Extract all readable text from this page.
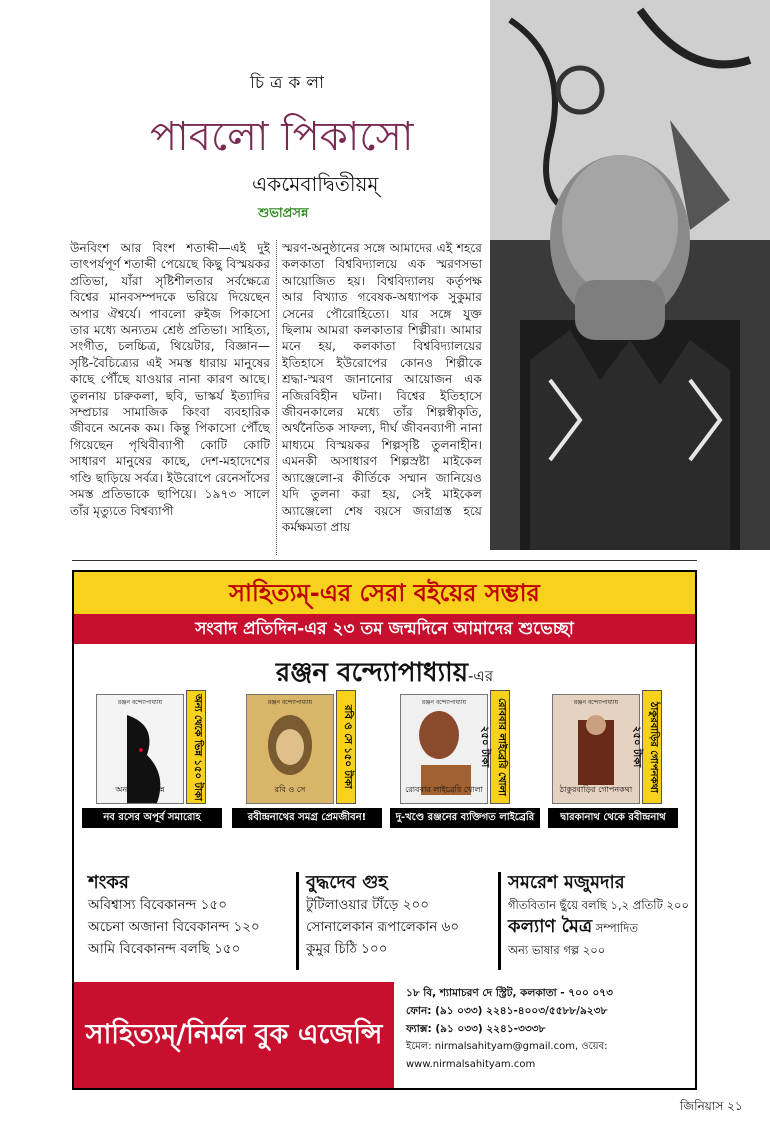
চিত্রকলা
পাবলো পিকাসো
একমেবাদ্বিতীয়ম্
শুভাপ্রসন্ন
উনবিংশ আর বিংশ শতাব্দী—এই দুই তাৎপর্যপূর্ণ শতাব্দী পেয়েছে কিছু বিস্ময়কর প্রতিভা, যাঁরা সৃষ্টিশীলতার সর্বক্ষেত্রে বিশ্বের মানবসম্পদকে ভরিয়ে দিয়েছেন অপার ঐশ্বর্যে। পাবলো রুইজ পিকাসো তার মধ্যে অন্যতম শ্রেষ্ঠ প্রতিভা। সাহিত্য, সংগীত, চলচ্চিত্র, থিয়েটার, বিজ্ঞান—সৃষ্টি-বৈচিত্র্যের এই সমস্ত ধারায় মানুষের কাছে পৌঁছে যাওয়ার নানা কারণ আছে। তুলনায় চারুকলা, ছবি, ভাস্কর্য ইত্যাদির সম্প্রচার সামাজিক কিংবা ব্যবহারিক জীবনে অনেক কম। কিন্তু পিকাসো পৌঁছে গিয়েছেন পৃথিবীব্যাপী কোটি কোটি সাধারণ মানুষের কাছে, দেশ-মহাদেশের গণ্ডি ছাড়িয়ে সর্বত্র। ইউরোপে রেনেসাঁসের সমস্ত প্রতিভাকে ছাপিয়ে। ১৯৭৩ সালে তাঁর মৃত্যুতে বিশ্বব্যাপী
স্মরণ-অনুষ্ঠানের সঙ্গে আমাদের এই শহরে কলকাতা বিশ্ববিদ্যালয়ে এক স্মরণসভা আয়োজিত হয়। বিশ্ববিদ্যালয় কর্তৃপক্ষ আর বিখ্যাত গবেষক-অধ্যাপক সুকুমার সেনের পৌরোহিত্যে। যার সঙ্গে যুক্ত ছিলাম আমরা কলকাতার শিল্পীরা। আমার মনে হয়, কলকাতা বিশ্ববিদ্যালয়ের ইতিহাসে ইউরোপের কোনও শিল্পীকে শ্রদ্ধা-স্মরণ জানানোর আয়োজন এক নজিরবিহীন ঘটনা। বিশ্বের ইতিহাসে জীবনকালের মধ্যে তাঁর শিল্পস্বীকৃতি, অর্থনৈতিক সাফল্য, দীর্ঘ জীবনব্যাপী নানা মাধ্যমে বিস্ময়কর শিল্পসৃষ্টি তুলনাহীন। এমনকী অসাধারণ শিল্পস্রষ্টা মাইকেল অ্যাঞ্জেলো-র কীর্তিকে সম্মান জানিয়েও যদি তুলনা করা হয়, সেই মাইকেল অ্যাঞ্জেলো শেষ বয়সে জরাগ্রস্ত হয়ে কর্মক্ষমতা প্রায়
সাহিত্যম্-এর সেরা বইয়ের সম্ভার
সংবাদ প্রতিদিন-এর ২৩ তম জন্মদিনে আমাদের শুভেচ্ছা
রঞ্জন বন্দ্যোপাধ্যায়-এর
রঞ্জন বন্দ্যোপাধ্যায়
অন্য থেকে ভিন্ন	অন্য থেকে ভিন্ন ১৫০ টাকা
নব রসের অপূর্ব সমারোহ
রঞ্জন বন্দ্যোপাধ্যায়
রবি ও সে
রবি ও সে ১৫০ টাকা
রবীন্দ্রনাথের সমগ্র প্রেমজীবন!
রঞ্জন বন্দ্যোপাধ্যায়
রোববার লাইব্রেরি খোলা	রোববার লাইব্রেরি খোলা ২৫০ টাকা
দু-খণ্ডে রঞ্জনের ব্যক্তিগত লাইব্রেরি
রঞ্জন বন্দ্যোপাধ্যায়
ঠাকুরবাড়ির গোপনকথা	ঠাকুরবাড়ির গোপনকথা ২৫০ টাকা
দ্বারকানাথ থেকে রবীন্দ্রনাথ
শংকর
অবিশ্বাস্য বিবেকানন্দ ১৫০
অচেনা অজানা বিবেকানন্দ ১২০
আমি বিবেকানন্দ বলছি ১৫০
বুদ্ধদেব গুহ
টুটিলাওয়ার টাঁড়ে ২০০
সোনালেকান রূপালেকান ৬০
কুমুর চিঠি ১০০
সমরেশ মজুমদার
গীতবিতান ছুঁয়ে বলছি ১,২ প্রতিটি ২০০
কল্যাণ মৈত্র সম্পাদিত
অন্য ভাষার গল্প ২০০
সাহিত্যম্/নির্মল বুক এজেন্সি
১৮ বি, শ্যামাচরণ দে স্ট্রিট, কলকাতা - ৭০০ ০৭৩
ফোন: (৯১ ০৩৩) ২২৪১-৪০০৩/৫৫৮৮/৯২৩৮
ফ্যাক্স: (৯১ ০৩৩) ২২৪১-৩৩৩৮
ইমেল: nirmalsahityam@gmail.com, ওয়েব: www.nirmalsahityam.com
জিনিয়াস ২১
